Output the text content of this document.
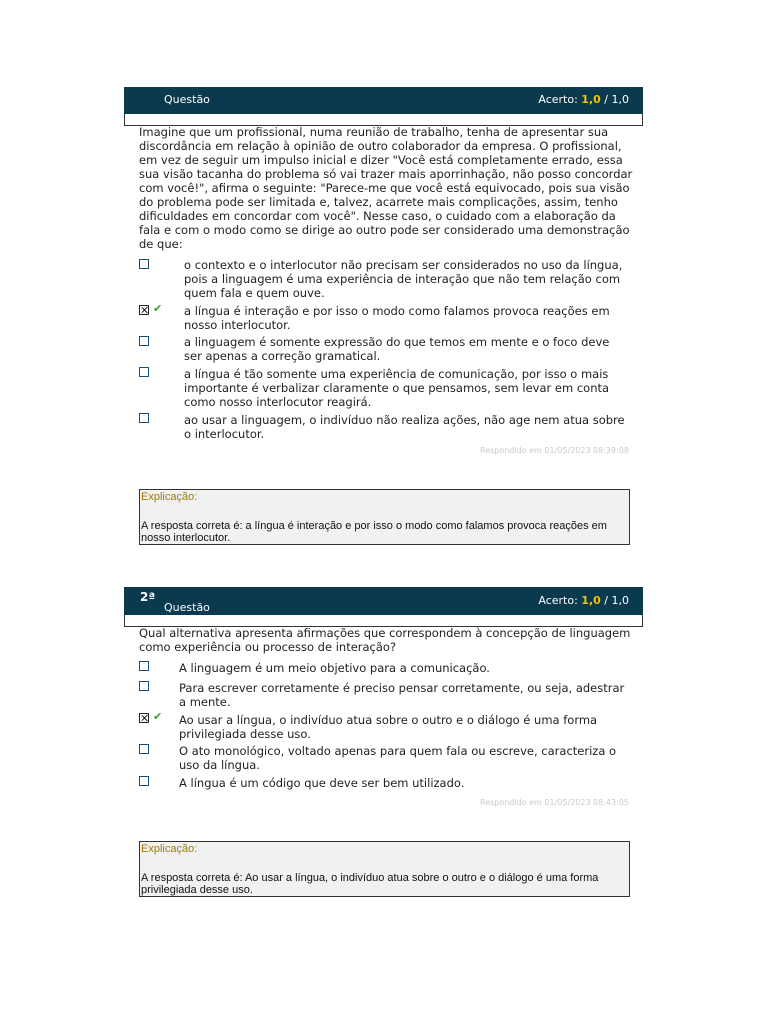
Questão	Acerto: 1,0 / 1,0
Imagine que um profissional, numa reunião de trabalho, tenha de apresentar sua discordância em relação à opinião de outro colaborador da empresa. O profissional, em vez de seguir um impulso inicial e dizer "Você está completamente errado, essa sua visão tacanha do problema só vai trazer mais aporrinhação, não posso concordar com você!", afirma o seguinte: "Parece-me que você está equivocado, pois sua visão do problema pode ser limitada e, talvez, acarrete mais complicações, assim, tenho dificuldades em concordar com você". Nesse caso, o cuidado com a elaboração da fala e com o modo como se dirige ao outro pode ser considerado uma demonstração de que:
o contexto e o interlocutor não precisam ser considerados no uso da língua, pois a linguagem é uma experiência de interação que não tem relação com quem fala e quem ouve.
✔ a língua é interação e por isso o modo como falamos provoca reações em nosso interlocutor.
a linguagem é somente expressão do que temos em mente e o foco deve ser apenas a correção gramatical.
a língua é tão somente uma experiência de comunicação, por isso o mais importante é verbalizar claramente o que pensamos, sem levar em conta como nosso interlocutor reagirá.
ao usar a linguagem, o indivíduo não realiza ações, não age nem atua sobre o interlocutor.
Respondido em 01/05/2023 08:39:08
Explicação:
A resposta correta é: a língua é interação e por isso o modo como falamos provoca reações em nosso interlocutor.
2ª
Questão
Acerto: 1,0 / 1,0
Qual alternativa apresenta afirmações que correspondem à concepção de linguagem como experiência ou processo de interação?
A linguagem é um meio objetivo para a comunicação.
Para escrever corretamente é preciso pensar corretamente, ou seja, adestrar a mente.
✔ Ao usar a língua, o indivíduo atua sobre o outro e o diálogo é uma forma privilegiada desse uso.
O ato monológico, voltado apenas para quem fala ou escreve, caracteriza o uso da língua.
A língua é um código que deve ser bem utilizado.
Respondido em 01/05/2023 08:43:05
Explicação:
A resposta correta é: Ao usar a língua, o indivíduo atua sobre o outro e o diálogo é uma forma privilegiada desse uso.
